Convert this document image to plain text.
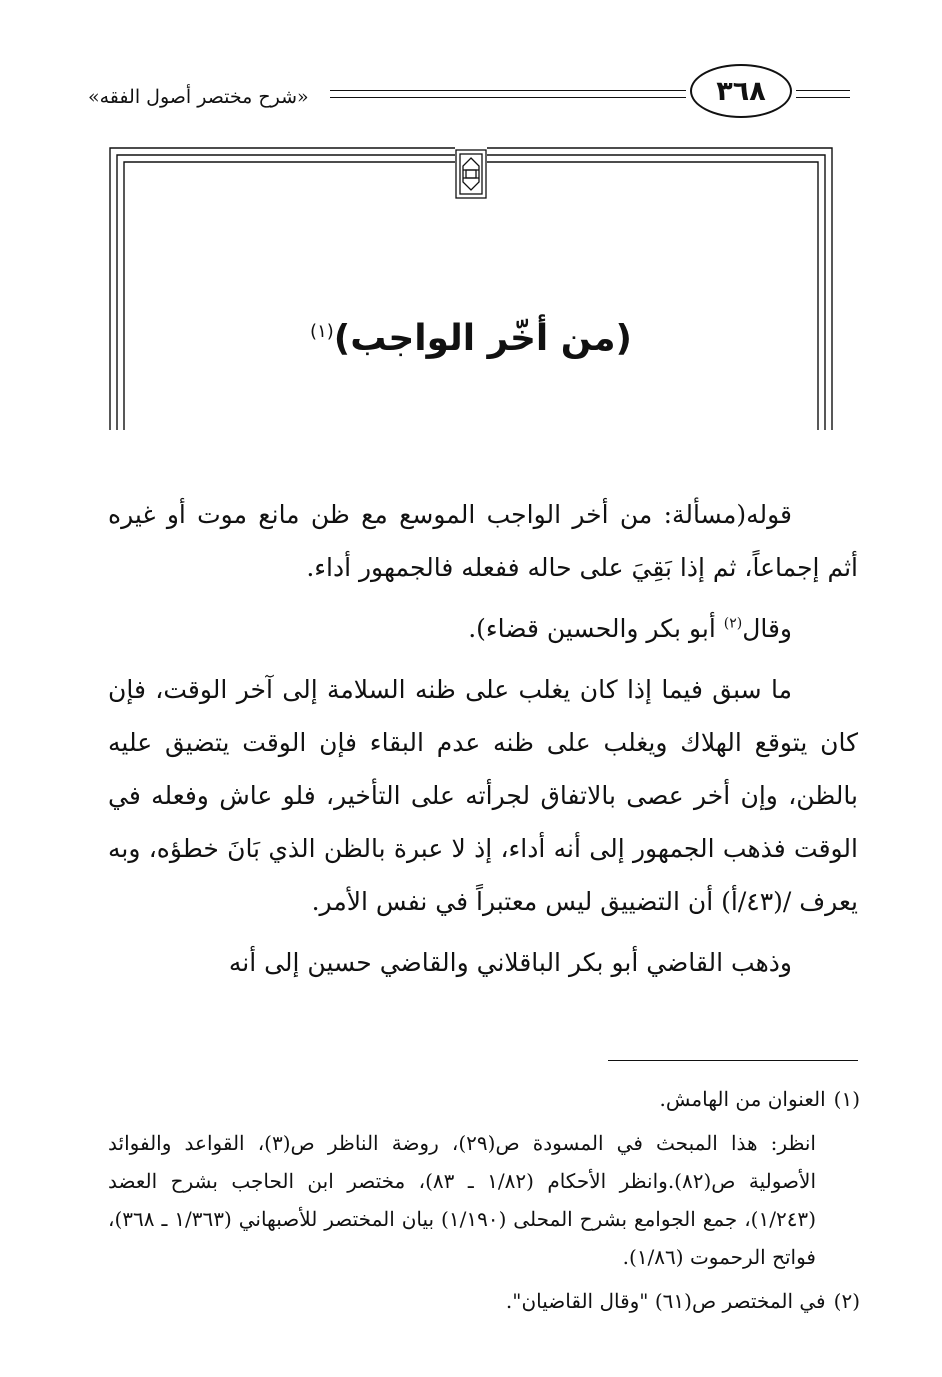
«شرح مختصر أصول الفقه»	٣٦٨
(من أخّر الواجب)$^{(١)}$

قوله(مسألة: من أخر الواجب الموسع مع ظن مانع موت أو غيره أثم إجماعاً، ثم إذا بَقِيَ على حاله ففعله فالجمهور أداء.

وقال$^{(٢)}$ أبو بكر والحسين قضاء).

ما سبق فيما إذا كان يغلب على ظنه السلامة إلى آخر الوقت، فإن كان يتوقع الهلاك ويغلب على ظنه عدم البقاء فإن الوقت يتضيق عليه بالظن، وإن أخر عصى بالاتفاق لجرأته على التأخير، فلو عاش وفعله في الوقت فذهب الجمهور إلى أنه أداء، إذ لا عبرة بالظن الذي بَانَ خطؤه، وبه يعرف /(٤٣/أ) أن التضييق ليس معتبراً في نفس الأمر.

وذهب القاضي أبو بكر الباقلاني والقاضي حسين إلى أنه

(١)العنوان من الهامش.

انظر: هذا المبحث في المسودة ص(٢٩)، روضة الناظر ص(٣)، القواعد والفوائد الأصولية ص(٨٢).وانظر الأحكام (١/٨٢ ـ ٨٣)، مختصر ابن الحاجب بشرح العضد (١/٢٤٣)، جمع الجوامع بشرح المحلى (١/١٩٠) بيان المختصر للأصبهاني (١/٣٦٣ ـ ٣٦٨)، فواتح الرحموت (١/٨٦).

(٢)في المختصر ص(٦١) "وقال القاضيان".
